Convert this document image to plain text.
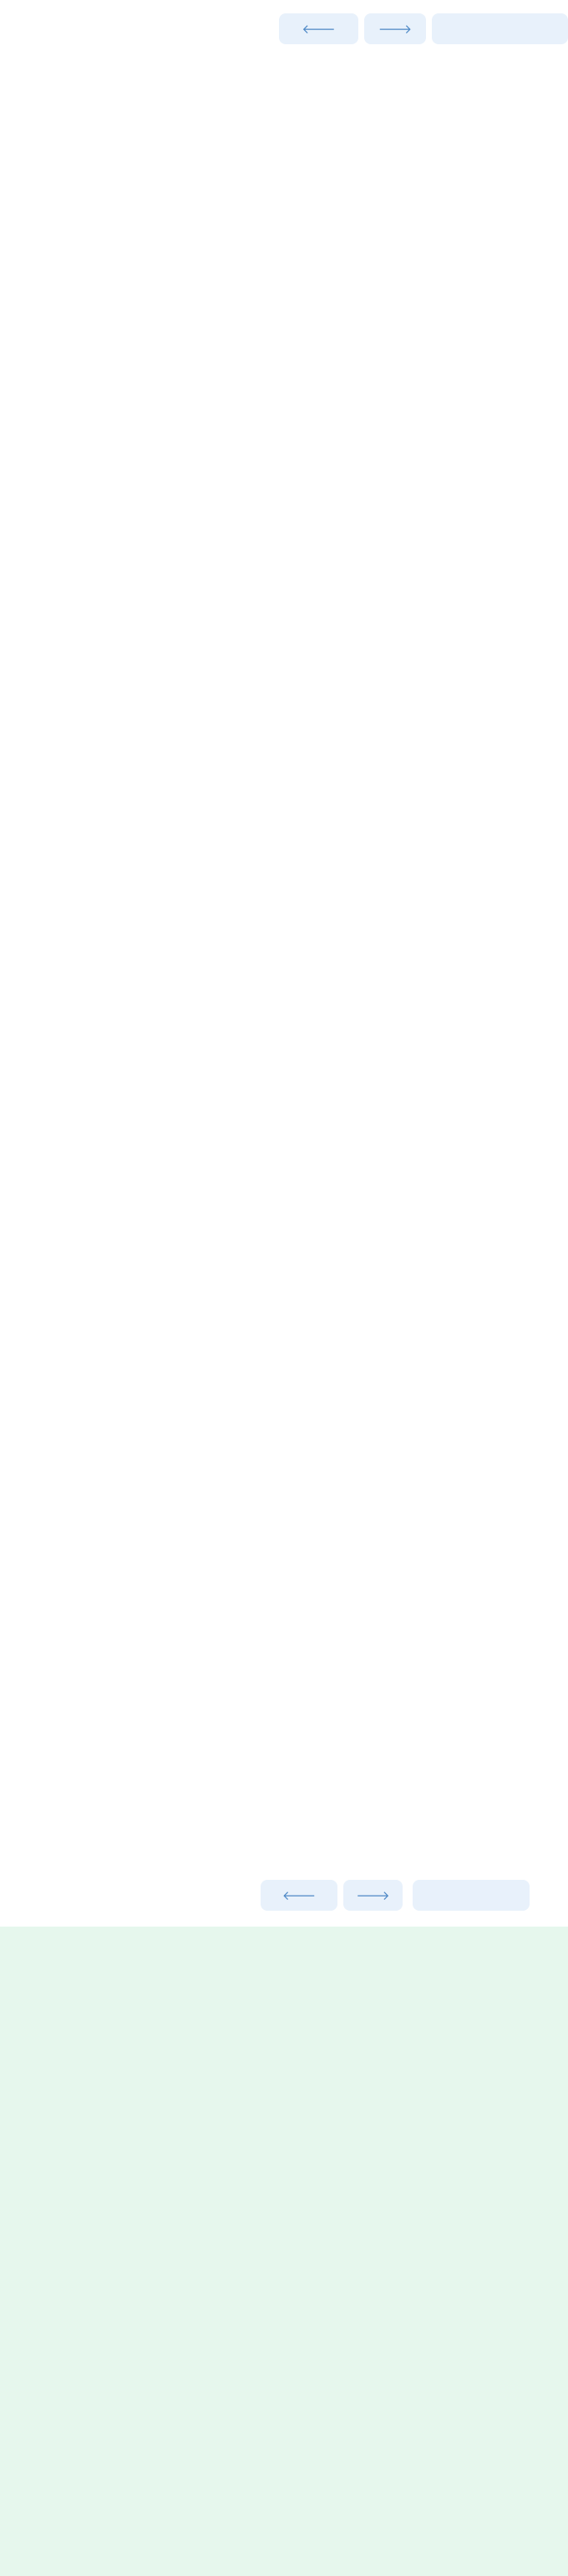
🡐	🡒
🡐	🡒
